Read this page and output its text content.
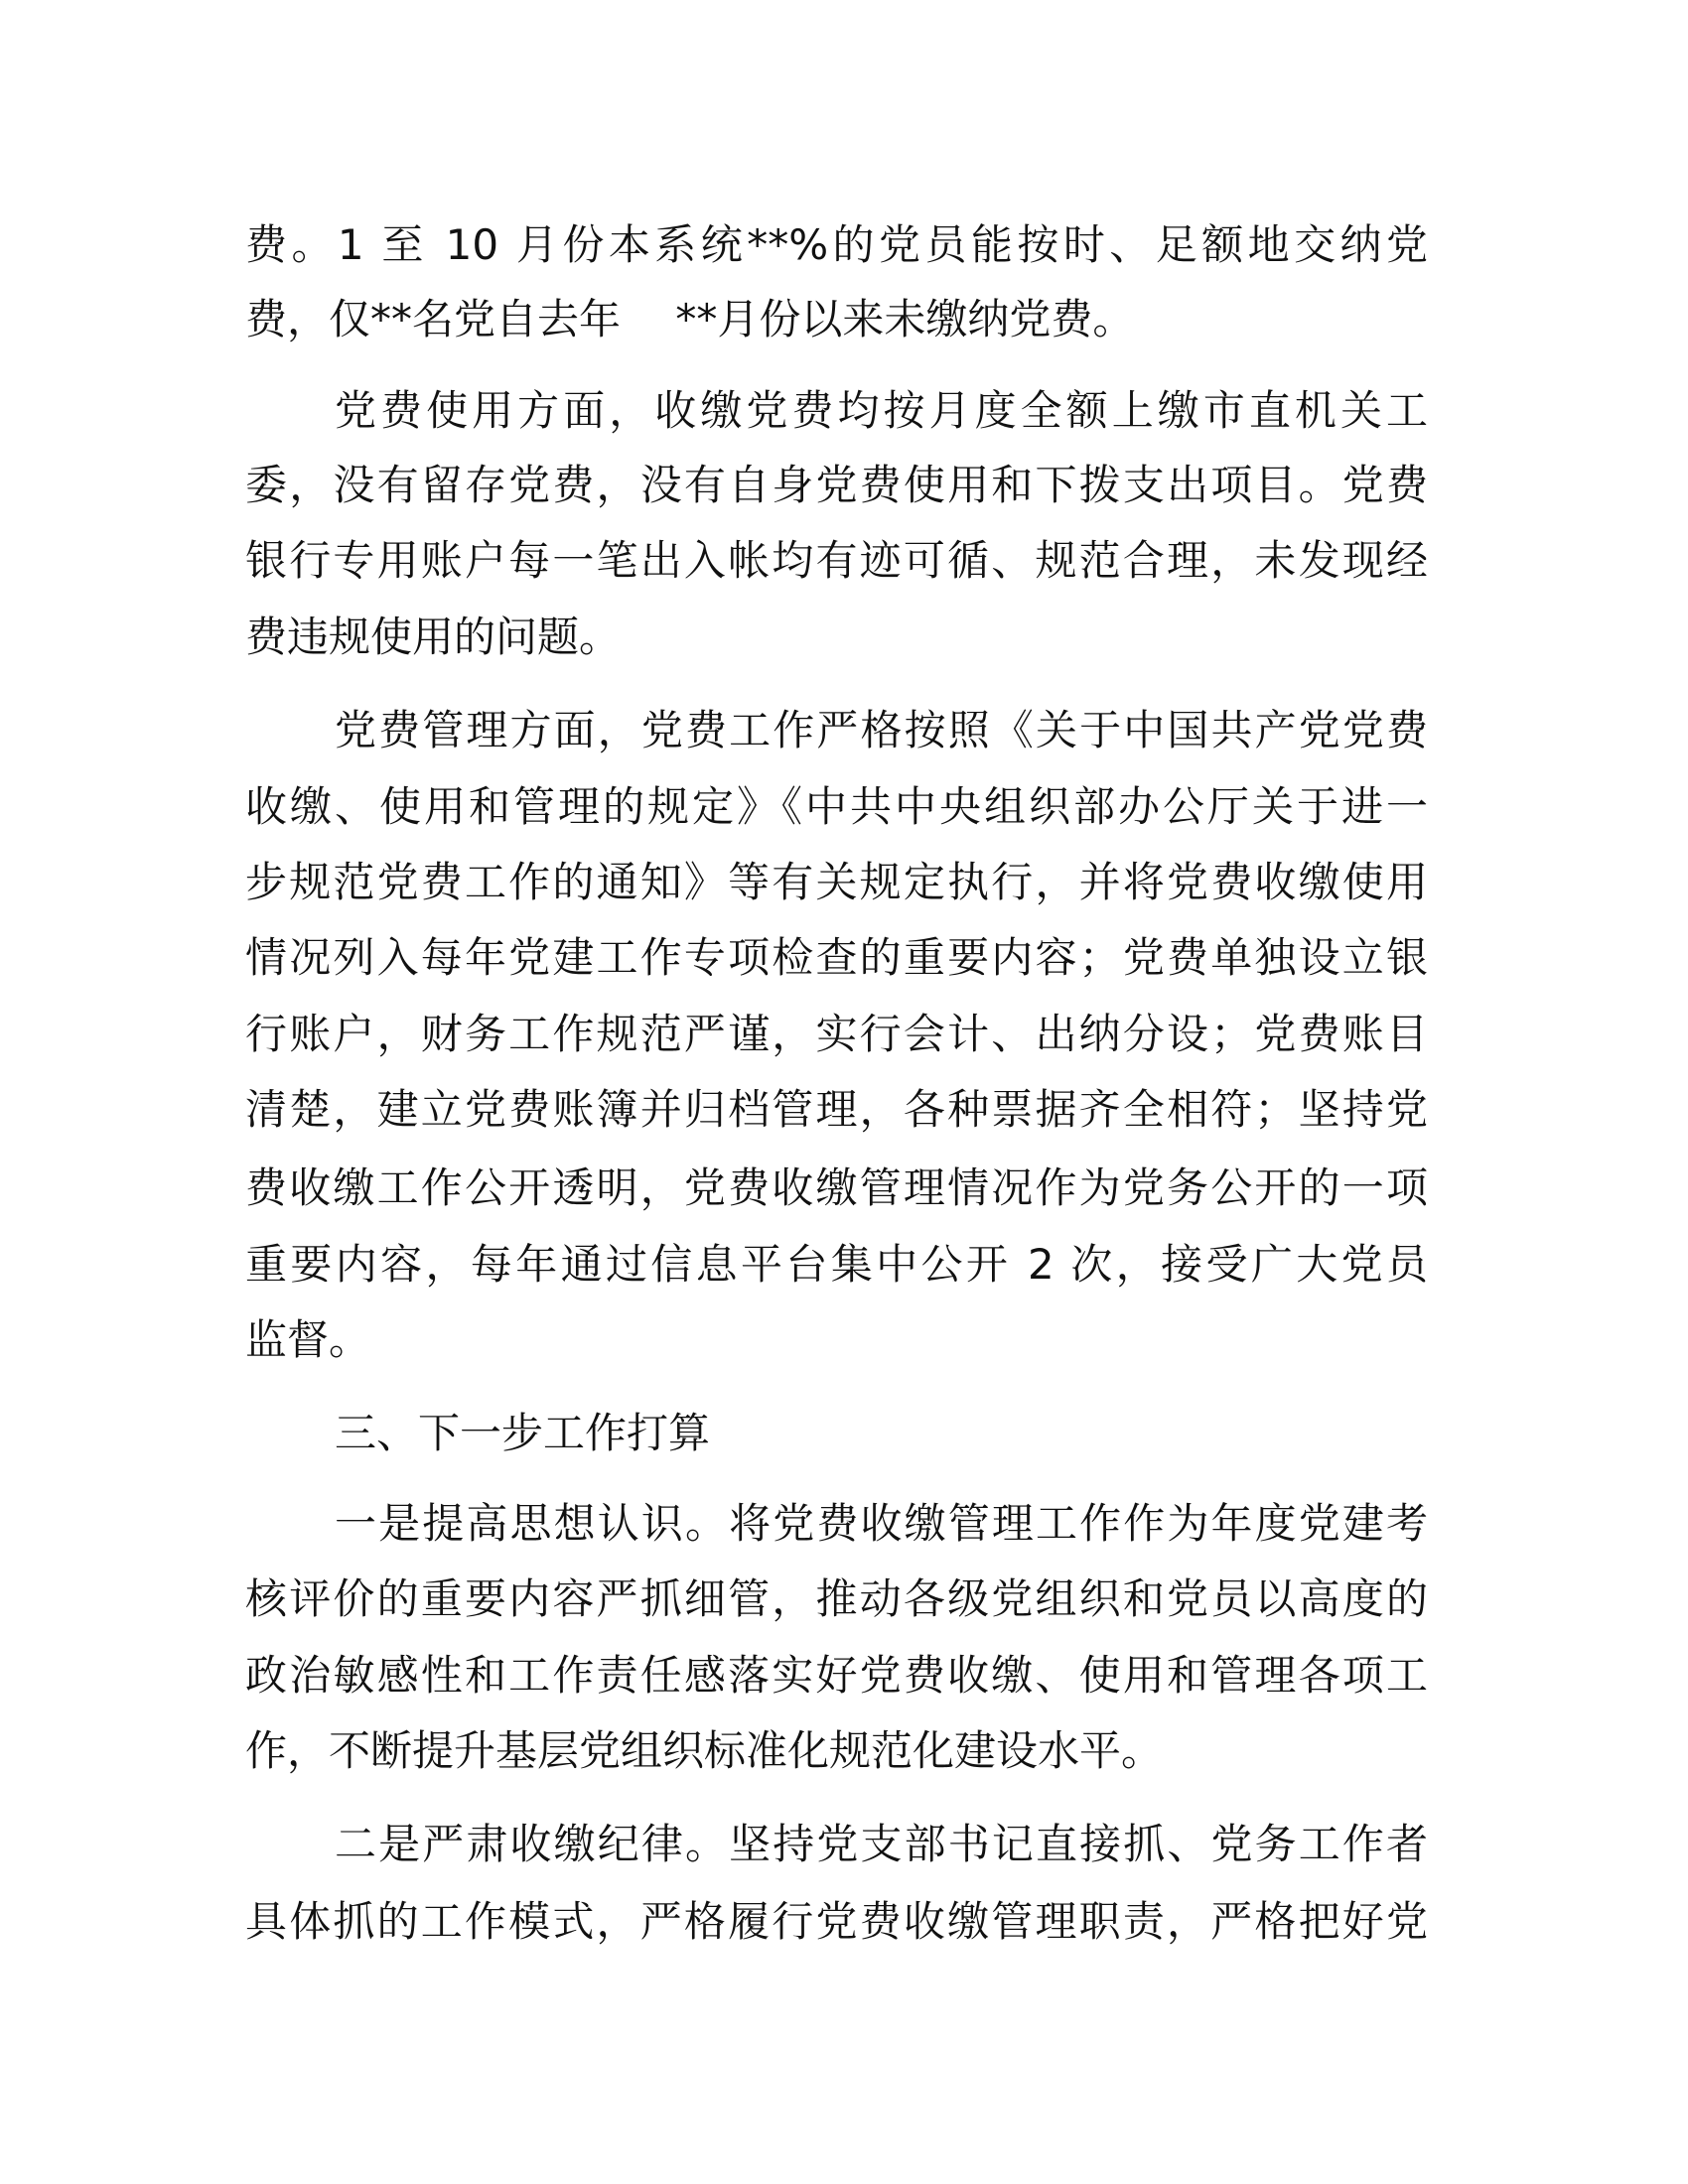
费。1 至 10 月份本系统**%的党员能按时、足额地交纳党
费，仅**名党自去年　 **月份以来未缴纳党费。
党费使用方面，收缴党费均按月度全额上缴市直机关工
委，没有留存党费，没有自身党费使用和下拨支出项目。党费
银行专用账户每一笔出入帐均有迹可循、规范合理，未发现经
费违规使用的问题。
党费管理方面，党费工作严格按照《关于中国共产党党费
收缴、使用和管理的规定》《中共中央组织部办公厅关于进一
步规范党费工作的通知》等有关规定执行，并将党费收缴使用
情况列入每年党建工作专项检查的重要内容；党费单独设立银
行账户，财务工作规范严谨，实行会计、出纳分设；党费账目
清楚，建立党费账簿并归档管理，各种票据齐全相符；坚持党
费收缴工作公开透明，党费收缴管理情况作为党务公开的一项
重要内容，每年通过信息平台集中公开 2 次，接受广大党员
监督。
三、下一步工作打算
一是提高思想认识。将党费收缴管理工作作为年度党建考
核评价的重要内容严抓细管，推动各级党组织和党员以高度的
政治敏感性和工作责任感落实好党费收缴、使用和管理各项工
作，不断提升基层党组织标准化规范化建设水平。
二是严肃收缴纪律。坚持党支部书记直接抓、党务工作者
具体抓的工作模式，严格履行党费收缴管理职责，严格把好党
